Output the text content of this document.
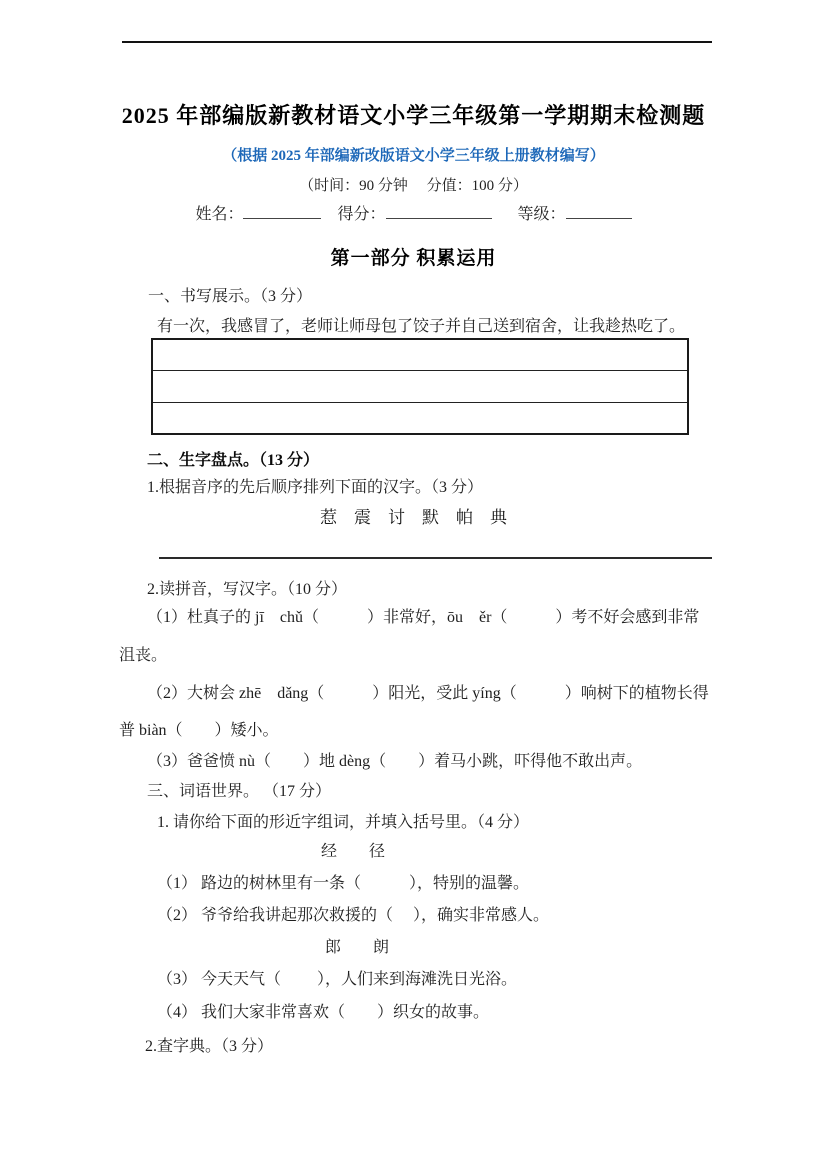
2025 年部编版新教材语文小学三年级第一学期期末检测题
（根据 2025 年部编新改版语文小学三年级上册教材编写）
（时间：90 分钟　 分值：100 分）
姓名：	得分：	等级：
第一部分 积累运用
一、书写展示。（3 分）
有一次，我感冒了，老师让师母包了饺子并自己送到宿舍，让我趁热吃了。
二、生字盘点。（13 分）
1.根据音序的先后顺序排列下面的汉字。（3 分）
惹　震　讨　默　帕　典
2.读拼音，写汉字。（10 分）
（1）杜真子的 jī　chǔ（　　　）非常好，ōu　ěr（　　　）考不好会感到非常
沮丧。
（2）大树会 zhē　dǎng（　　　）阳光，受此 yíng（　　　）响树下的植物长得
普 biàn（　　）矮小。
（3）爸爸愤 nù（　　）地 dèng（　　）着马小跳，吓得他不敢出声。
三、词语世界。 （17 分）
1. 请你给下面的形近字组词，并填入括号里。（4 分）
经　　径
（1） 路边的树林里有一条（　　　），特别的温馨。
（2） 爷爷给我讲起那次救援的（　 ），确实非常感人。
郎　　朗
（3） 今天天气（　　 ），人们来到海滩洗日光浴。
（4） 我们大家非常喜欢（　　）织女的故事。
2.查字典。（3 分）
